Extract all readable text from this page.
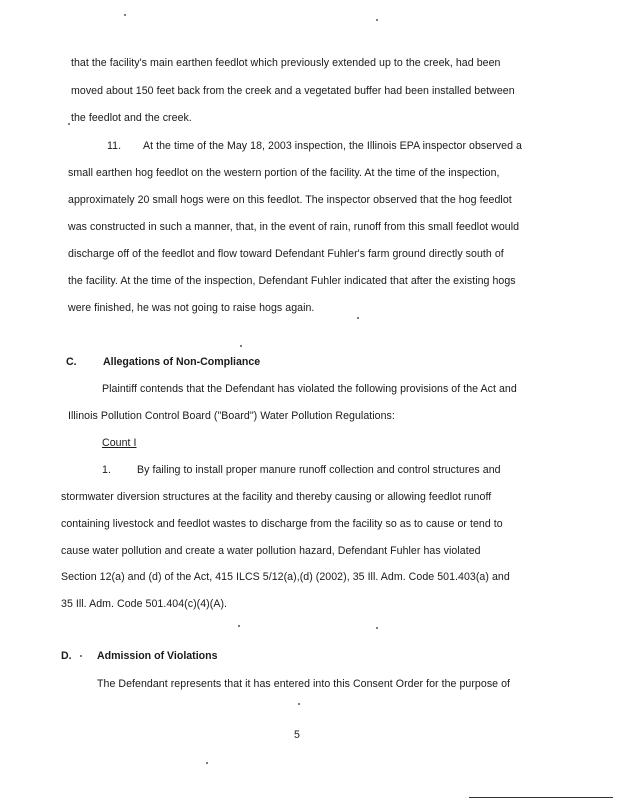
that the facility's main earthen feedlot which previously extended up to the creek, had been
moved about 150 feet back from the creek and a vegetated buffer had been installed between
the feedlot and the creek.
11. At the time of the May 18, 2003 inspection, the Illinois EPA inspector observed a
small earthen hog feedlot on the western portion of the facility. At the time of the inspection,
approximately 20 small hogs were on this feedlot. The inspector observed that the hog feedlot
was constructed in such a manner, that, in the event of rain, runoff from this small feedlot would
discharge off of the feedlot and flow toward Defendant Fuhler's farm ground directly south of
the facility. At the time of the inspection, Defendant Fuhler indicated that after the existing hogs
were finished, he was not going to raise hogs again.
C. Allegations of Non-Compliance
Plaintiff contends that the Defendant has violated the following provisions of the Act and
Illinois Pollution Control Board ("Board") Water Pollution Regulations:
Count I
1. By failing to install proper manure runoff collection and control structures and
stormwater diversion structures at the facility and thereby causing or allowing feedlot runoff
containing livestock and feedlot wastes to discharge from the facility so as to cause or tend to
cause water pollution and create a water pollution hazard, Defendant Fuhler has violated
Section 12(a) and (d) of the Act, 415 ILCS 5/12(a),(d) (2002), 35 Ill. Adm. Code 501.403(a) and
35 Ill. Adm. Code 501.404(c)(4)(A).
D. Admission of Violations
The Defendant represents that it has entered into this Consent Order for the purpose of
5
